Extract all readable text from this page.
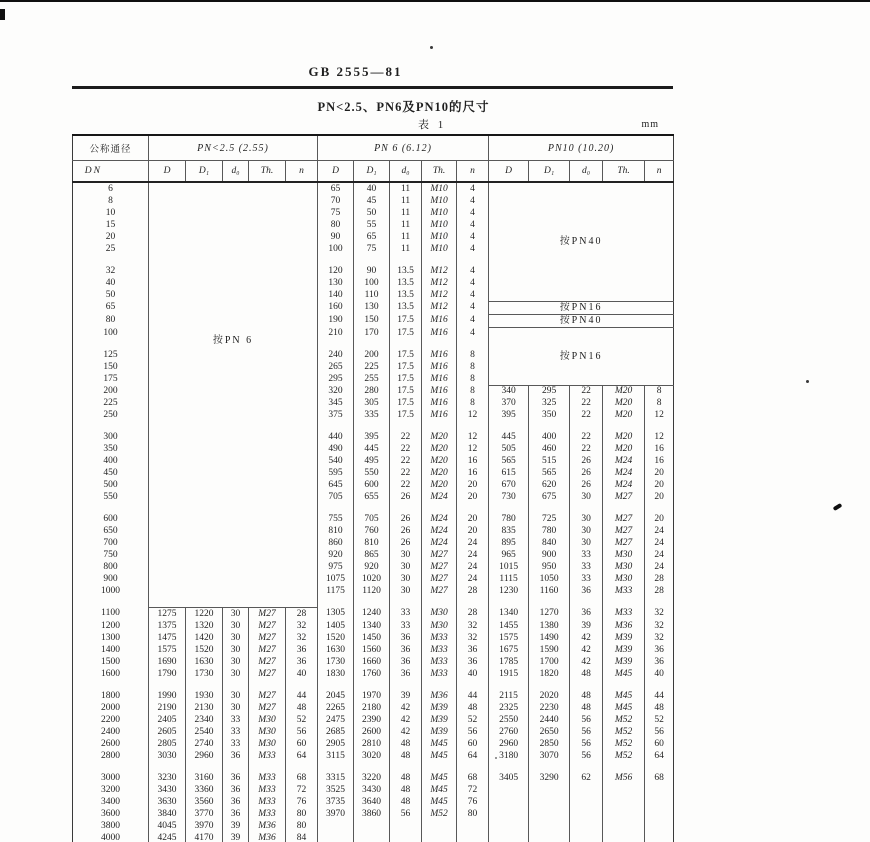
GB 2555—81
PN<2.5、PN6及PN10的尺寸
表 1	mm
公称通径	PN<2.5 (2.55)					PN 6 (6.12)					PN10 (10.20)				
DN	D	D₁	d₀	Th.	n	D	D₁	d₀	Th.	n	D	D₁	d₀	Th.	n
6	按PN 6					65	40	11	M10	4	按PN40				
8						70	45	11	M10	4					
10						75	50	11	M10	4					
15						80	55	11	M10	4					
20						90	65	11	M10	4					
25						100	75	11	M10	4					

32						120	90	13.5	M12	4					
40						130	100	13.5	M12	4					
50						140	110	13.5	M12	4					
65						160	130	13.5	M12	4	按PN16				
80						190	150	17.5	M16	4	按PN40				
100						210	170	17.5	M16	4	按PN16				

125						240	200	17.5	M16	8					
150						265	225	17.5	M16	8					
175						295	255	17.5	M16	8					
200						320	280	17.5	M16	8	340	295	22	M20	8
225						345	305	17.5	M16	8	370	325	22	M20	8
250						375	335	17.5	M16	12	395	350	22	M20	12

300						440	395	22	M20	12	445	400	22	M20	12
350						490	445	22	M20	12	505	460	22	M20	16
400						540	495	22	M20	16	565	515	26	M24	16
450						595	550	22	M20	16	615	565	26	M24	20
500						645	600	22	M20	20	670	620	26	M24	20
550						705	655	26	M24	20	730	675	30	M27	20

600						755	705	26	M24	20	780	725	30	M27	20
650						810	760	26	M24	20	835	780	30	M27	24
700						860	810	26	M24	24	895	840	30	M27	24
750						920	865	30	M27	24	965	900	33	M30	24
800						975	920	30	M27	24	1015	950	33	M30	24
900						1075	1020	30	M27	24	1115	1050	33	M30	28
1000						1175	1120	30	M27	28	1230	1160	36	M33	28

1100	1275	1220	30	M27	28	1305	1240	33	M30	28	1340	1270	36	M33	32
1200	1375	1320	30	M27	32	1405	1340	33	M30	32	1455	1380	39	M36	32
1300	1475	1420	30	M27	32	1520	1450	36	M33	32	1575	1490	42	M39	32
1400	1575	1520	30	M27	36	1630	1560	36	M33	36	1675	1590	42	M39	36
1500	1690	1630	30	M27	36	1730	1660	36	M33	36	1785	1700	42	M39	36
1600	1790	1730	30	M27	40	1830	1760	36	M33	40	1915	1820	48	M45	40

1800	1990	1930	30	M27	44	2045	1970	39	M36	44	2115	2020	48	M45	44
2000	2190	2130	30	M27	48	2265	2180	42	M39	48	2325	2230	48	M45	48
2200	2405	2340	33	M30	52	2475	2390	42	M39	52	2550	2440	56	M52	52
2400	2605	2540	33	M30	56	2685	2600	42	M39	56	2760	2650	56	M52	56
2600	2805	2740	33	M30	60	2905	2810	48	M45	60	2960	2850	56	M52	60
2800	3030	2960	36	M33	64	3115	3020	48	M45	64	3180	3070	56	M52	64

3000	3230	3160	36	M33	68	3315	3220	48	M45	68	3405	3290	62	M56	68
3200	3430	3360	36	M33	72	3525	3430	48	M45	72					
3400	3630	3560	36	M33	76	3735	3640	48	M45	76					
3600	3840	3770	36	M33	80	3970	3860	56	M52	80					
3800	4045	3970	39	M36	80										
4000	4245	4170	39	M36	84										
